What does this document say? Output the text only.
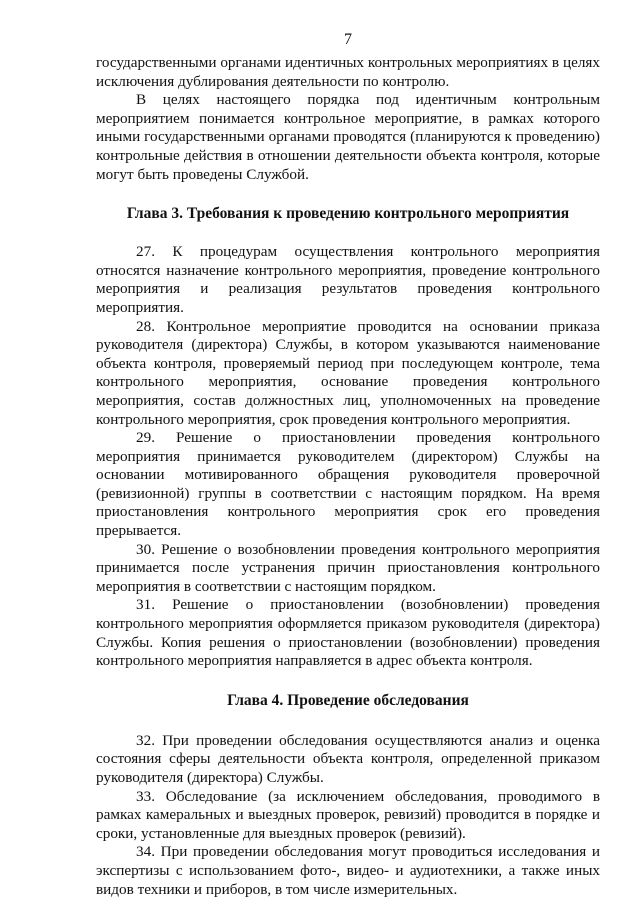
7

государственными органами идентичных контрольных мероприятиях в целях исключения дублирования деятельности по контролю.

В целях настоящего порядка под идентичным контрольным мероприятием понимается контрольное мероприятие, в рамках которого иными государственными органами проводятся (планируются к проведению) контрольные действия в отношении деятельности объекта контроля, которые могут быть проведены Службой.

Глава 3. Требования к проведению контрольного мероприятия

27. К процедурам осуществления контрольного мероприятия относятся назначение контрольного мероприятия, проведение контрольного мероприятия и реализация результатов проведения контрольного мероприятия.

28. Контрольное мероприятие проводится на основании приказа руководителя (директора) Службы, в котором указываются наименование объекта контроля, проверяемый период при последующем контроле, тема контрольного мероприятия, основание проведения контрольного мероприятия, состав должностных лиц, уполномоченных на проведение контрольного мероприятия, срок проведения контрольного мероприятия.

29. Решение о приостановлении проведения контрольного мероприятия принимается руководителем (директором) Службы на основании мотивированного обращения руководителя проверочной (ревизионной) группы в соответствии с настоящим порядком. На время приостановления контрольного мероприятия срок его проведения прерывается.

30. Решение о возобновлении проведения контрольного мероприятия принимается после устранения причин приостановления контрольного мероприятия в соответствии с настоящим порядком.

31. Решение о приостановлении (возобновлении) проведения контрольного мероприятия оформляется приказом руководителя (директора) Службы. Копия решения о приостановлении (возобновлении) проведения контрольного мероприятия направляется в адрес объекта контроля.

Глава 4. Проведение обследования

32. При проведении обследования осуществляются анализ и оценка состояния сферы деятельности объекта контроля, определенной приказом руководителя (директора) Службы.

33. Обследование (за исключением обследования, проводимого в рамках камеральных и выездных проверок, ревизий) проводится в порядке и сроки, установленные для выездных проверок (ревизий).

34. При проведении обследования могут проводиться исследования и экспертизы с использованием фото-, видео- и аудиотехники, а также иных видов техники и приборов, в том числе измерительных.
